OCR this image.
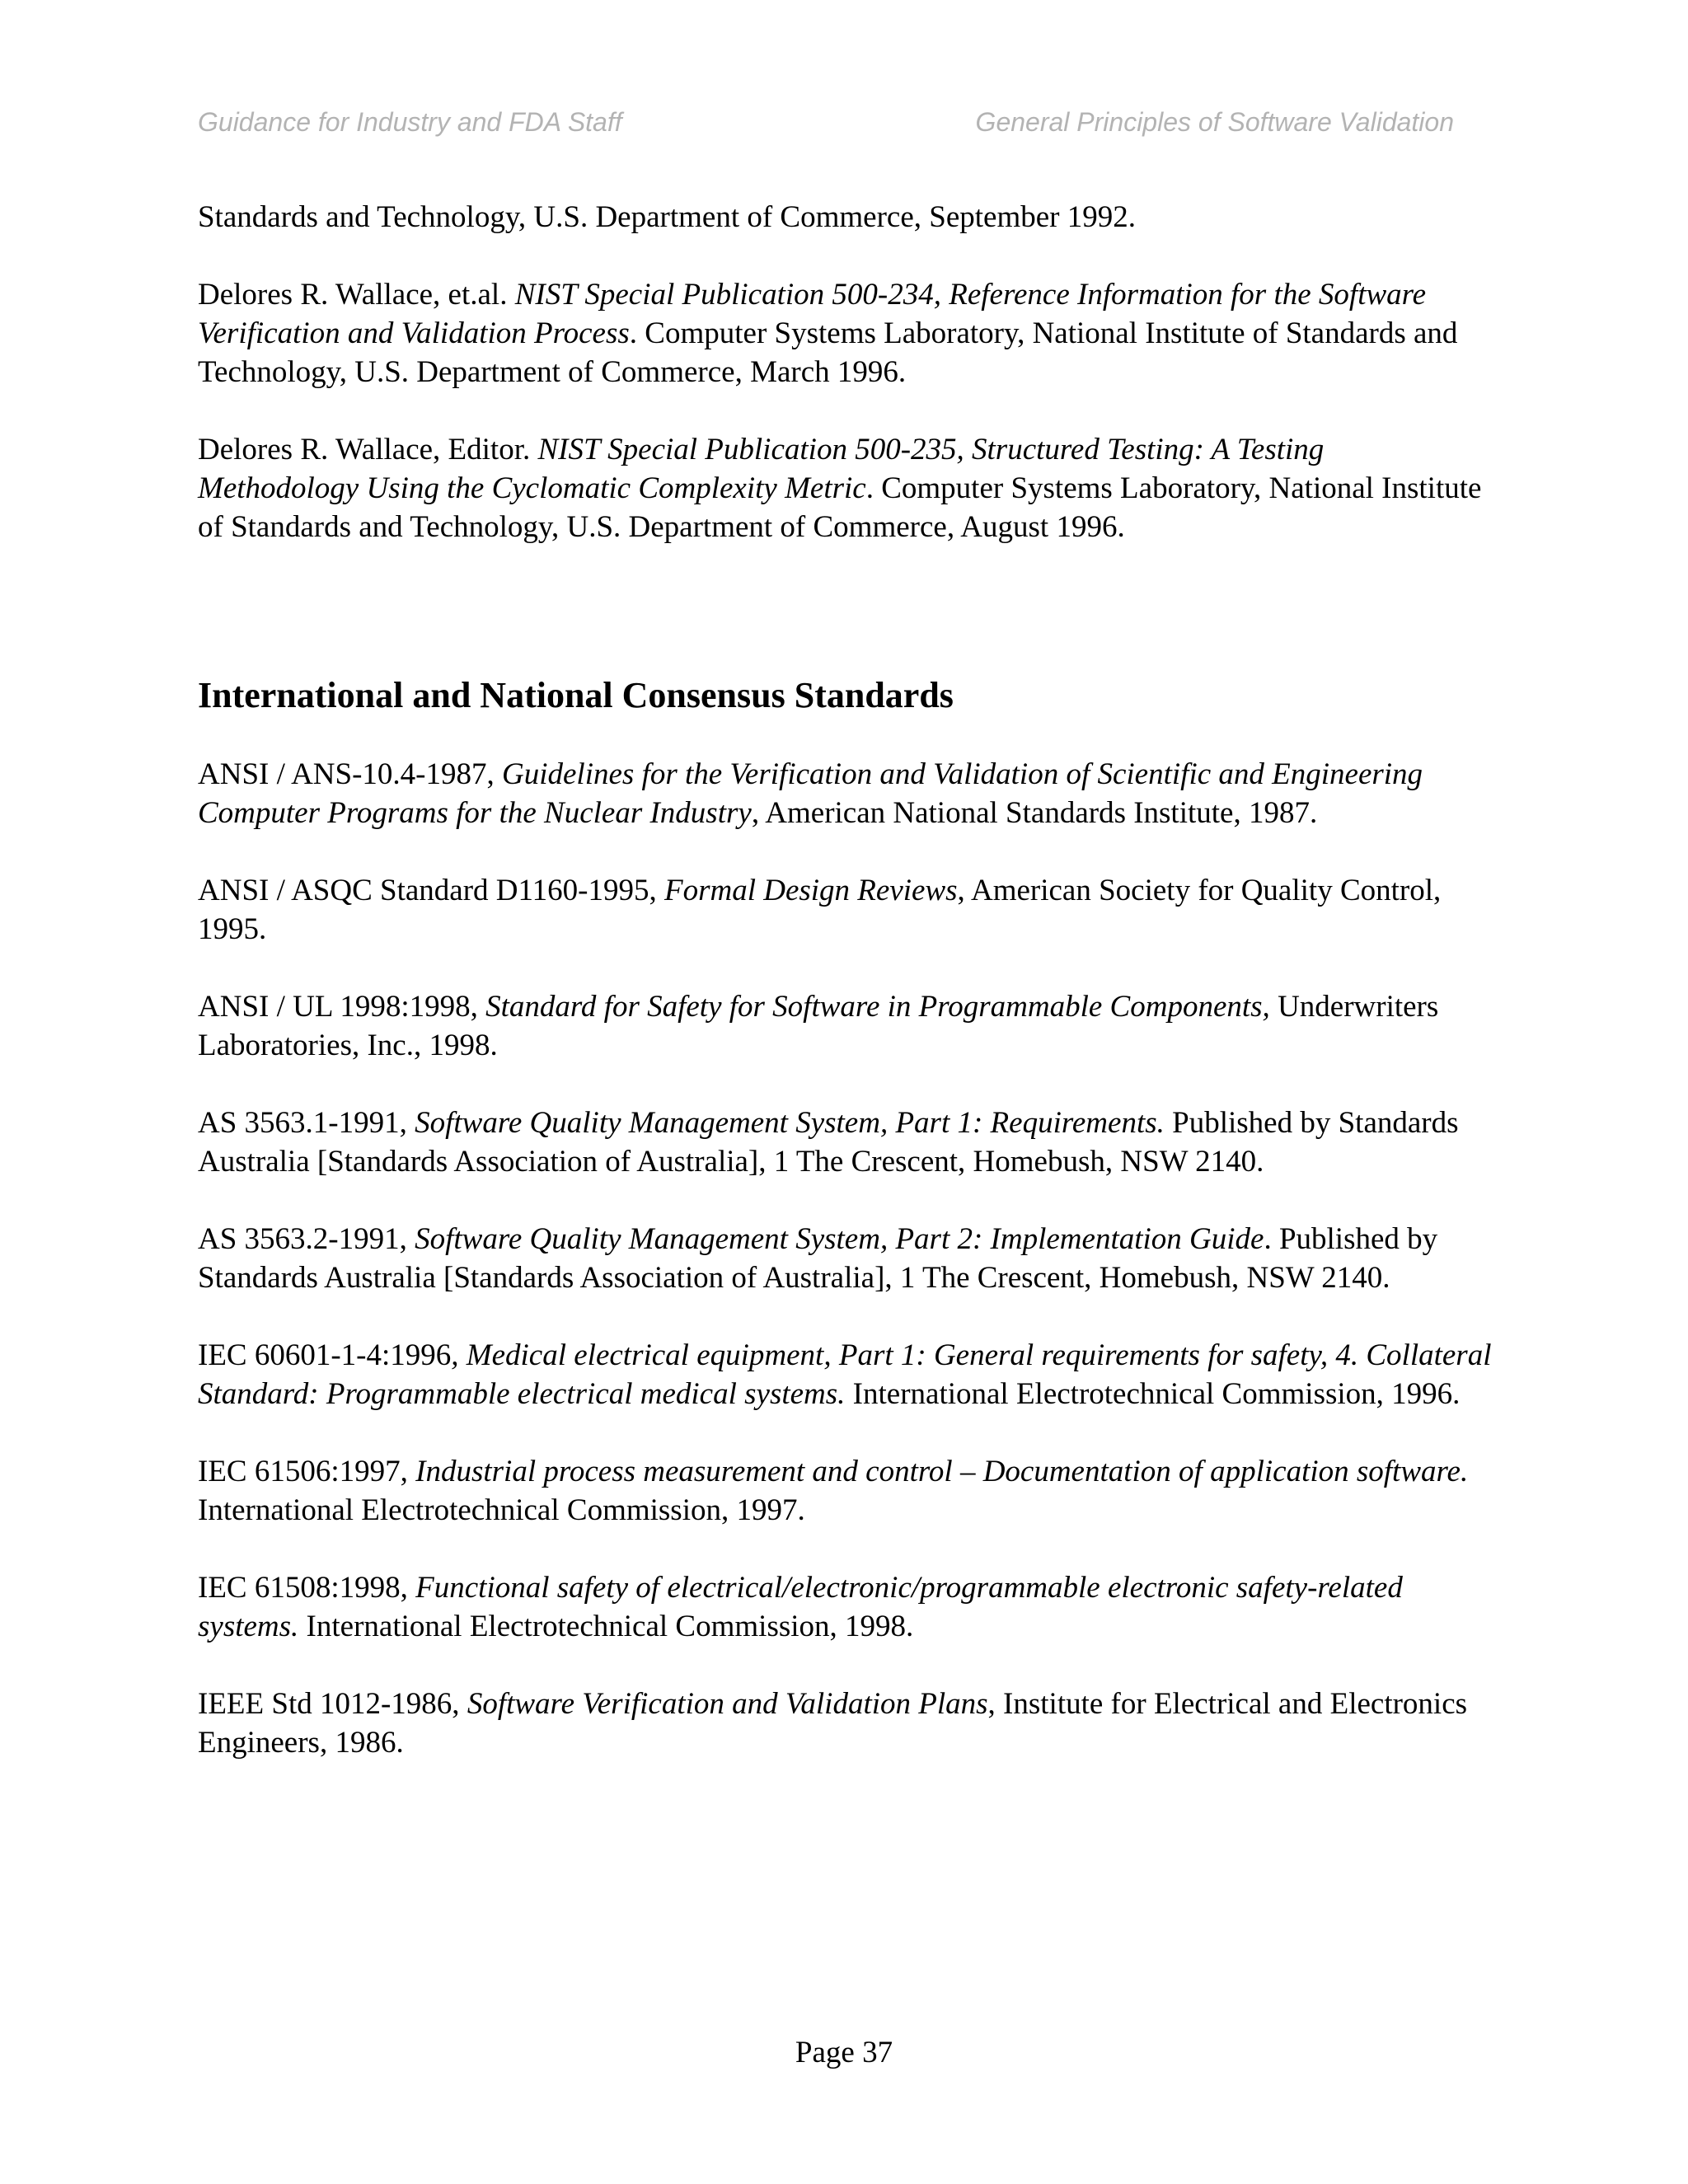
Guidance for Industry and FDA Staff	General Principles of Software Validation

Standards and Technology, U.S. Department of Commerce, September 1992.

Delores R. Wallace, et.al. NIST Special Publication 500-234, Reference Information for the Software Verification and Validation Process. Computer Systems Laboratory, National Institute of Standards and Technology, U.S. Department of Commerce, March 1996.

Delores R. Wallace, Editor. NIST Special Publication 500-235, Structured Testing: A Testing Methodology Using the Cyclomatic Complexity Metric. Computer Systems Laboratory, National Institute of Standards and Technology, U.S. Department of Commerce, August 1996.

International and National Consensus Standards

ANSI / ANS-10.4-1987, Guidelines for the Verification and Validation of Scientific and Engineering Computer Programs for the Nuclear Industry, American National Standards Institute, 1987.

ANSI / ASQC Standard D1160-1995, Formal Design Reviews, American Society for Quality Control, 1995.

ANSI / UL 1998:1998, Standard for Safety for Software in Programmable Components, Underwriters Laboratories, Inc., 1998.

AS 3563.1-1991, Software Quality Management System, Part 1: Requirements. Published by Standards Australia [Standards Association of Australia], 1 The Crescent, Homebush, NSW 2140.

AS 3563.2-1991, Software Quality Management System, Part 2: Implementation Guide. Published by Standards Australia [Standards Association of Australia], 1 The Crescent, Homebush, NSW 2140.

IEC 60601-1-4:1996, Medical electrical equipment, Part 1: General requirements for safety, 4. Collateral Standard: Programmable electrical medical systems. International Electrotechnical Commission, 1996.

IEC 61506:1997, Industrial process measurement and control – Documentation of application software. International Electrotechnical Commission, 1997.

IEC 61508:1998, Functional safety of electrical/electronic/programmable electronic safety-related systems. International Electrotechnical Commission, 1998.

IEEE Std 1012-1986, Software Verification and Validation Plans, Institute for Electrical and Electronics Engineers, 1986.

Page 37
